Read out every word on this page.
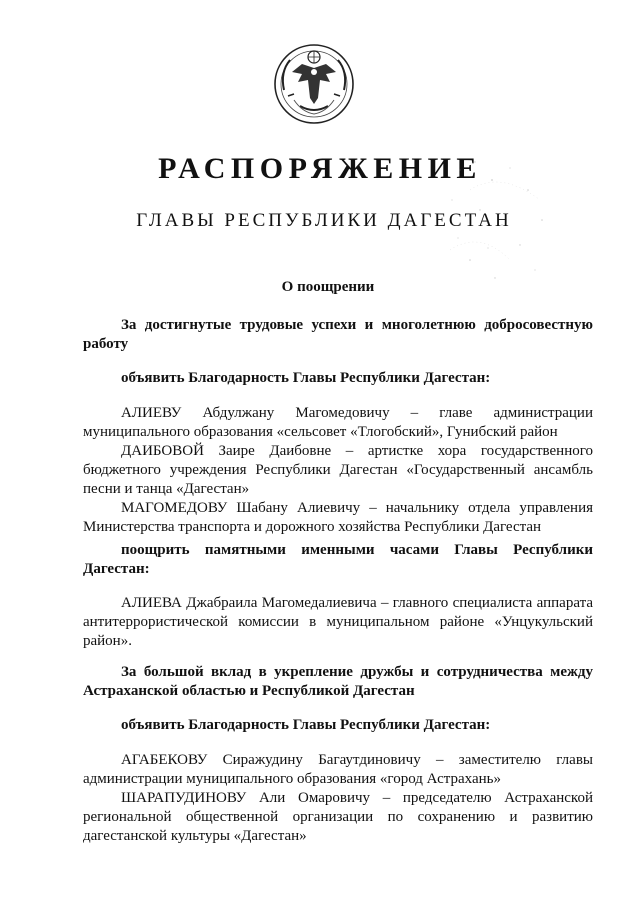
РАСПОРЯЖЕНИЕ
ГЛАВЫ РЕСПУБЛИКИ ДАГЕСТАН
О поощрении

За достигнутые трудовые успехи и многолетнюю добросовестную работу

объявить Благодарность Главы Республики Дагестан:

АЛИЕВУ Абдулжану Магомедовичу – главе администрации муниципального образования «сельсовет «Тлогобский», Гунибский район

ДАИБОВОЙ Заире Даибовне – артистке хора государственного бюджетного учреждения Республики Дагестан «Государственный ансамбль песни и танца «Дагестан»

МАГОМЕДОВУ Шабану Алиевичу – начальнику отдела управления Министерства транспорта и дорожного хозяйства Республики Дагестан

поощрить памятными именными часами Главы Республики Дагестан:

АЛИЕВА Джабраила Магомедалиевича – главного специалиста аппарата антитеррористической комиссии в муниципальном районе «Унцукульский район».

За большой вклад в укрепление дружбы и сотрудничества между Астраханской областью и Республикой Дагестан

объявить Благодарность Главы Республики Дагестан:

АГАБЕКОВУ Сиражудину Багаутдиновичу – заместителю главы администрации муниципального образования «город Астрахань»

ШАРАПУДИНОВУ Али Омаровичу – председателю Астраханской региональной общественной организации по сохранению и развитию дагестанской культуры «Дагестан»
